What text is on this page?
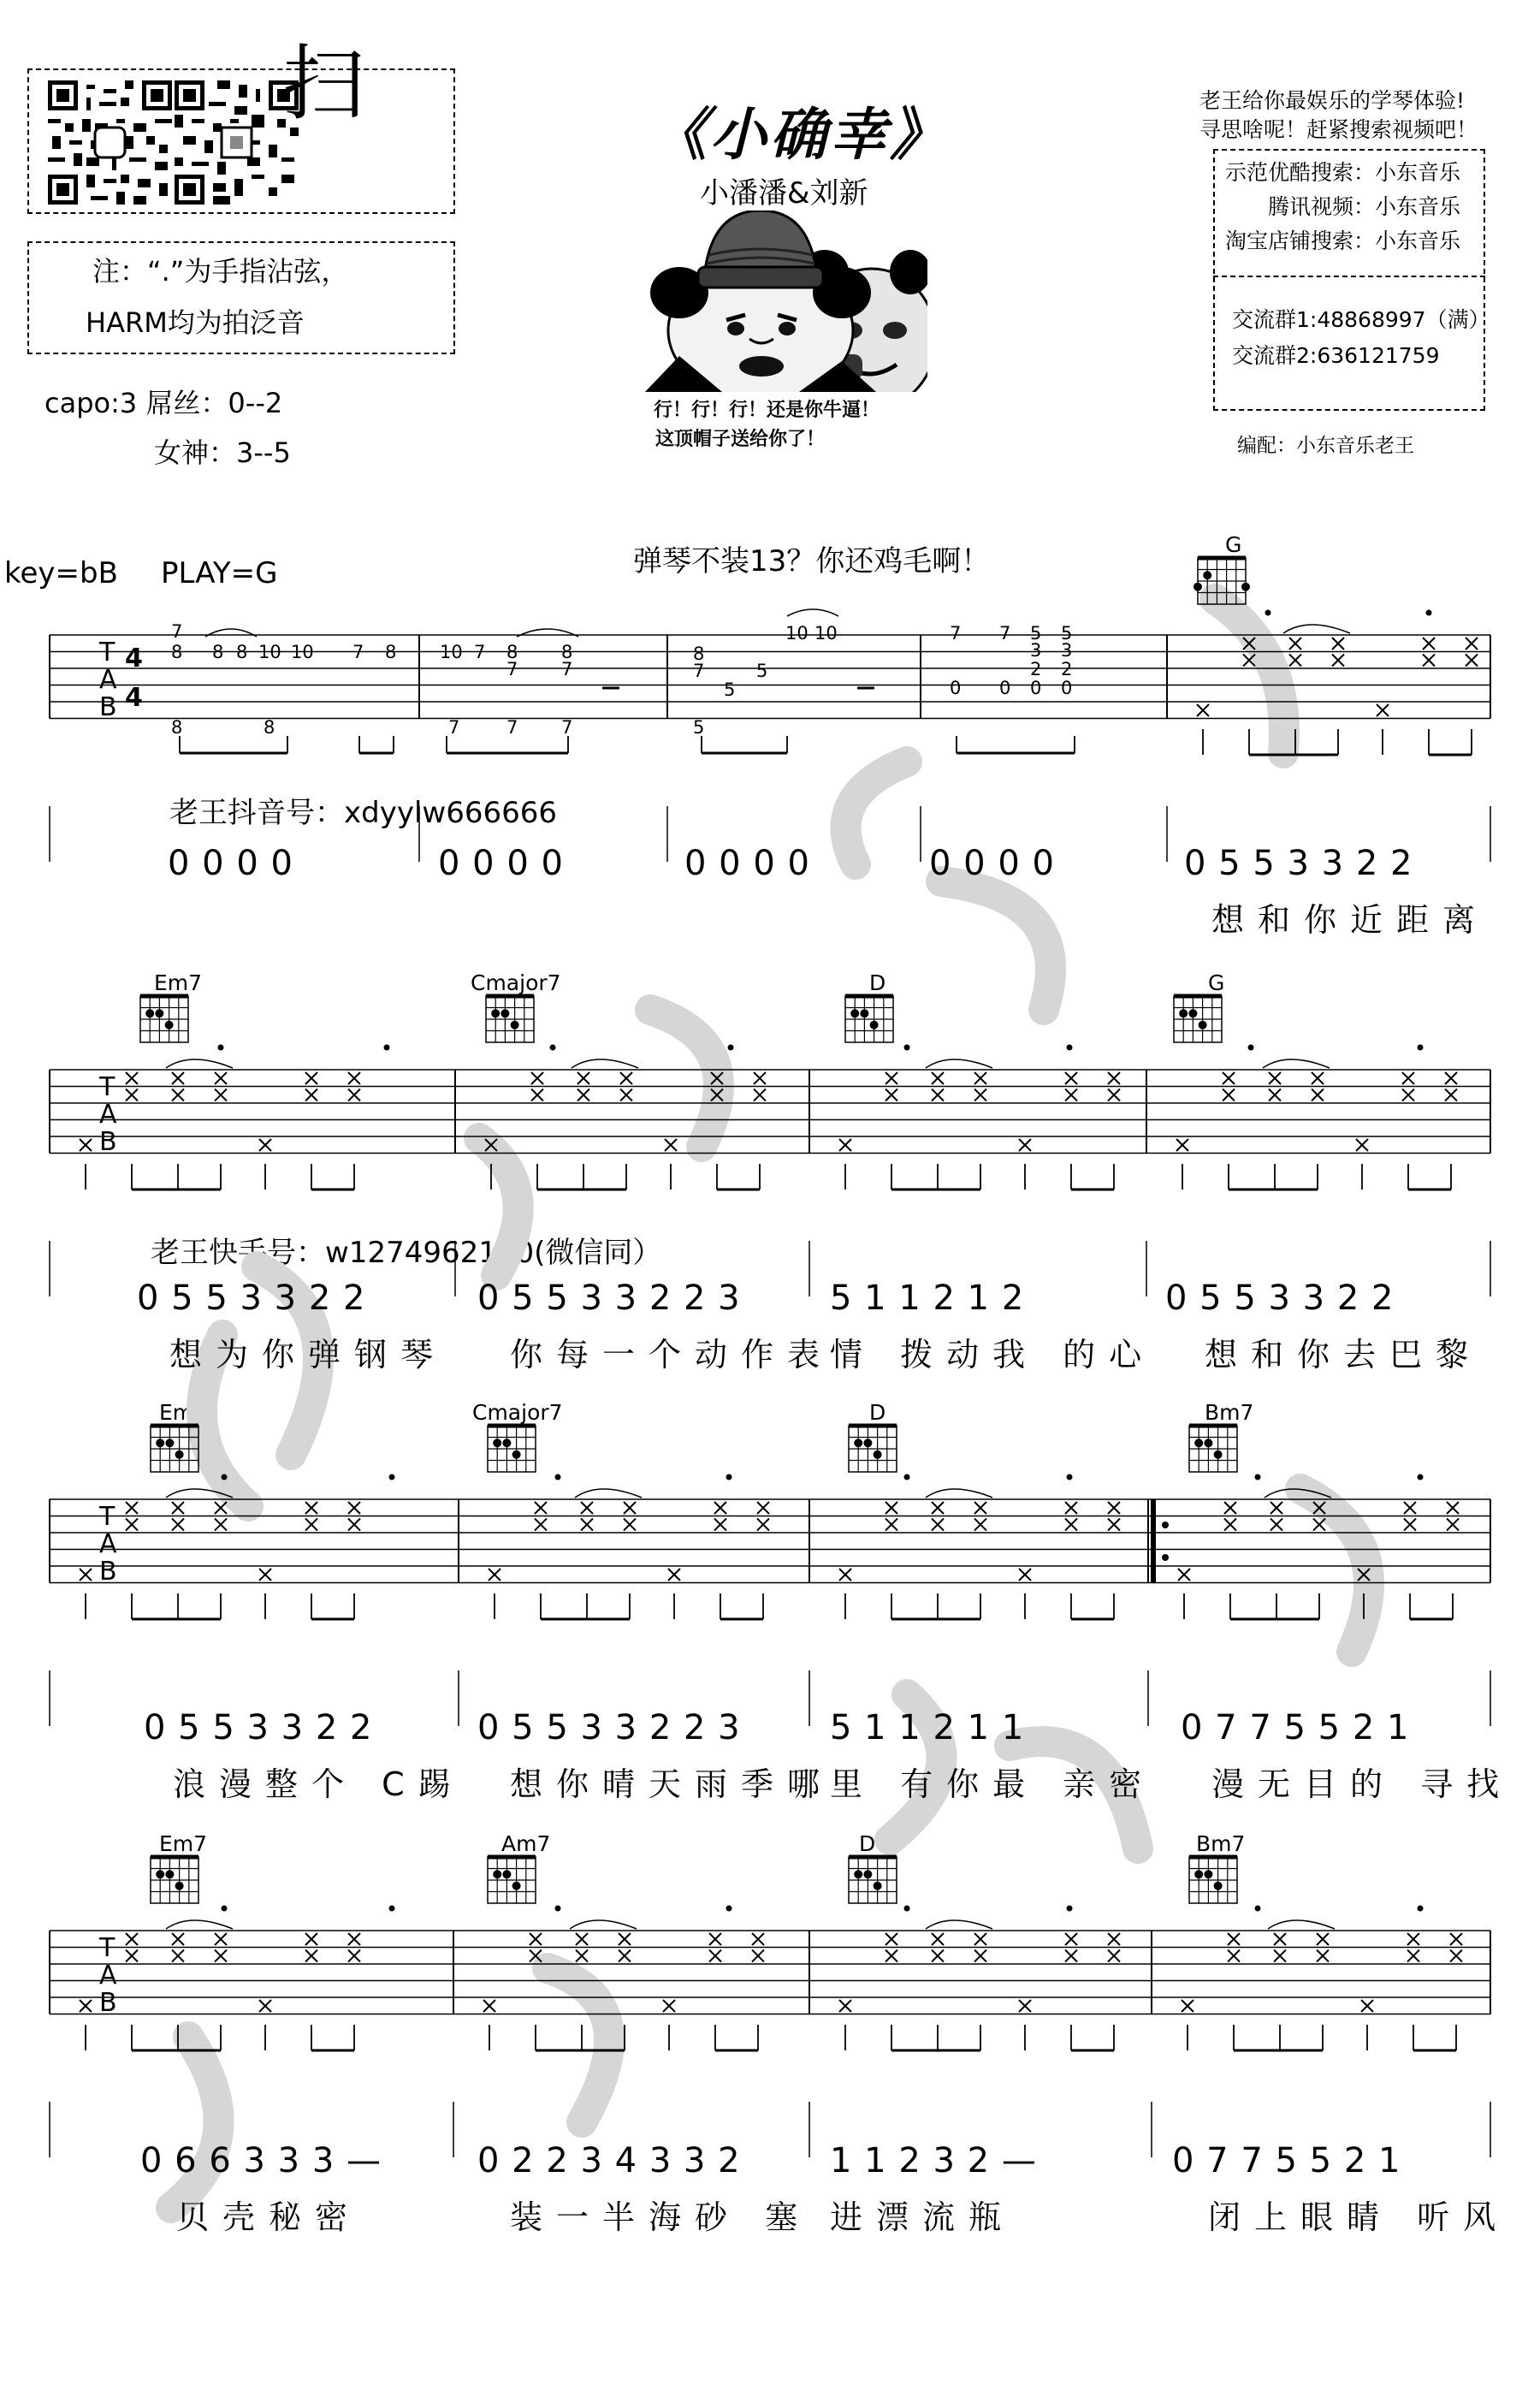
扫
注：“.”为手指沾弦，
HARM均为拍泛音
capo:3 屌丝：0--2
女神：3--5
《小确幸》
小潘潘&刘新
行！行！行！还是你牛逼！
这顶帽子送给你了！
老王给你最娱乐的学琴体验!
寻思啥呢！赶紧搜索视频吧！
示范优酷搜索：小东音乐
腾讯视频：小东音乐
淘宝店铺搜索：小东音乐
交流群1:48868997（满）
交流群2:636121759
编配：小东音乐老王
key=bB PLAY=G	弹琴不装13？你还鸡毛啊！
老王抖音号：xdyylw666666
老王快手号：w1274962100(微信同）
G
Em7	Cmajor7	D	G
Em7	Cmajor7	D	Bm7
Em7	Am7	D7	Bm7
T
A
B
T
A
B
T
A
B
T
A
B
7
8 8 8 10 10 7 8
8	8
10 7 8 8
7 7
7	7 7
8
5
5
10 10
7
5
7 7 5 5
3 3
2 2
0 0 0 0
4
4
0 0 0 0	0 0 0 0	0 0 0 0	0 0 0 0	0 5 5 3 3 2 2
想和你近距离
0 5 5 3 3 2 2	0 5 5 3 3 2 2 3	5 1 1 2 1 2	0 5 5 3 3 2 2
想为你弹钢琴 你每一个动作表
情 拨动我 的心 想和你去巴黎
0 5 5 3 3 2 2	0 5 5 3 3 2 2 3	5 1 1 2 1 1	0 7 7 5 5 2 1
浪漫整个 C踢 想你晴天雨季哪
里 有你最 亲密 漫无目的 寻找
0 6 6 3 3 3 —	0 2 2 3 4 3 3 2	1 1 2 3 2 —	0 7 7 5 5 2 1
贝壳秘密	装一半海砂 塞 进漂流瓶	闭上眼睛 听风
